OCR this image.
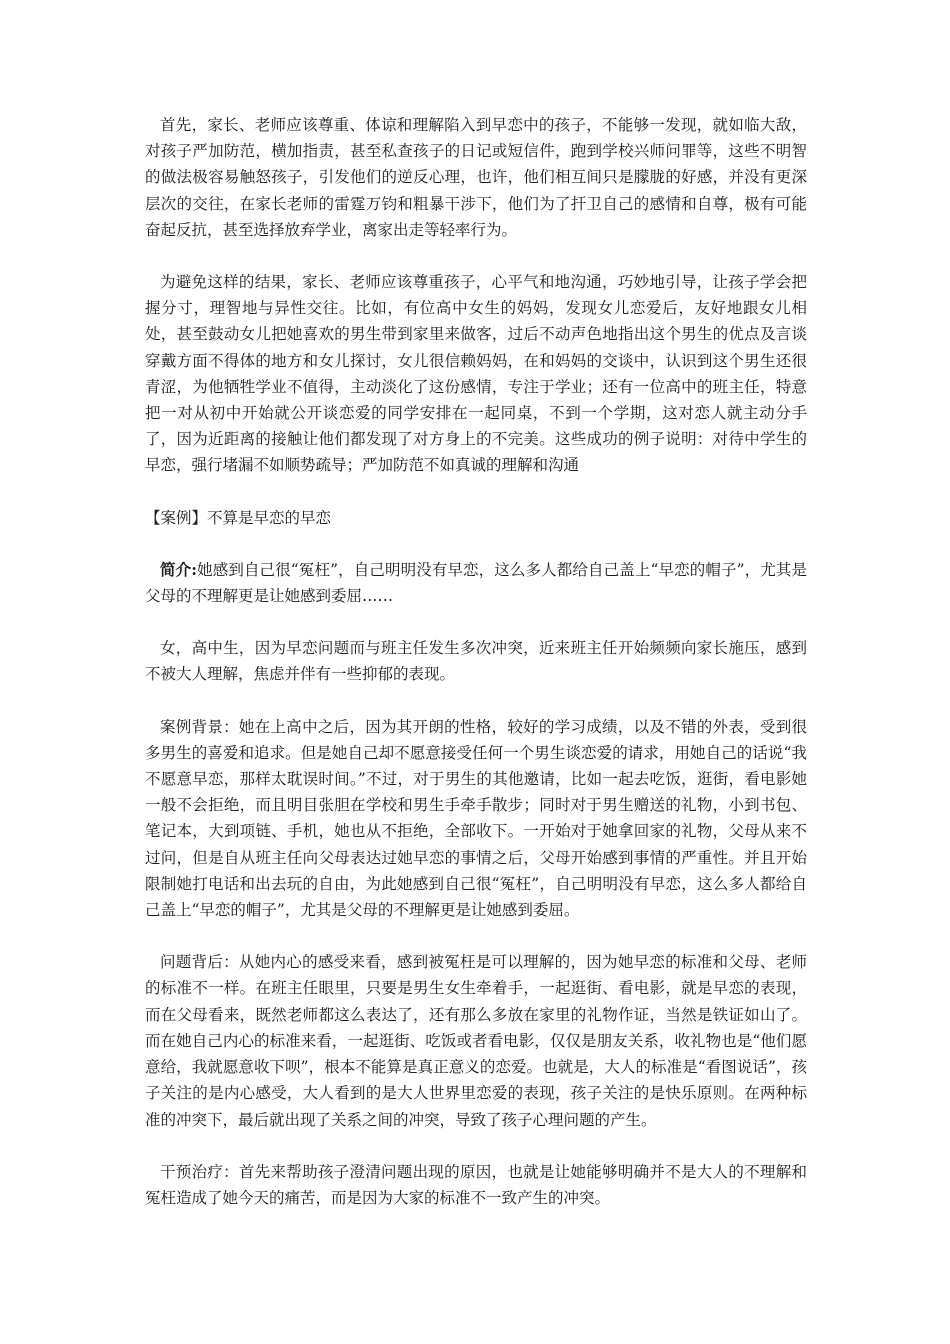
首先，家长、老师应该尊重、体谅和理解陷入到早恋中的孩子，不能够一发现，就如临大敌，对孩子严加防范，横加指责，甚至私查孩子的日记或短信件，跑到学校兴师问罪等，这些不明智的做法极容易触怒孩子，引发他们的逆反心理，也许，他们相互间只是朦胧的好感，并没有更深层次的交往，在家长老师的雷霆万钧和粗暴干涉下，他们为了扞卫自己的感情和自尊，极有可能奋起反抗，甚至选择放弃学业，离家出走等轻率行为。

为避免这样的结果，家长、老师应该尊重孩子，心平气和地沟通，巧妙地引导，让孩子学会把握分寸，理智地与异性交往。比如，有位高中女生的妈妈，发现女儿恋爱后，友好地跟女儿相处，甚至鼓动女儿把她喜欢的男生带到家里来做客，过后不动声色地指出这个男生的优点及言谈穿戴方面不得体的地方和女儿探讨，女儿很信赖妈妈，在和妈妈的交谈中，认识到这个男生还很青涩，为他牺牲学业不值得，主动淡化了这份感情，专注于学业；还有一位高中的班主任，特意把一对从初中开始就公开谈恋爱的同学安排在一起同桌，不到一个学期，这对恋人就主动分手了，因为近距离的接触让他们都发现了对方身上的不完美。这些成功的例子说明：对待中学生的早恋，强行堵漏不如顺势疏导；严加防范不如真诚的理解和沟通

【案例】不算是早恋的早恋

简介:她感到自己很“冤枉”，自己明明没有早恋，这么多人都给自己盖上“早恋的帽子”，尤其是父母的不理解更是让她感到委屈……

女，高中生，因为早恋问题而与班主任发生多次冲突，近来班主任开始频频向家长施压，感到不被大人理解，焦虑并伴有一些抑郁的表现。

案例背景：她在上高中之后，因为其开朗的性格，较好的学习成绩，以及不错的外表，受到很多男生的喜爱和追求。但是她自己却不愿意接受任何一个男生谈恋爱的请求，用她自己的话说“我不愿意早恋，那样太耽误时间。”不过，对于男生的其他邀请，比如一起去吃饭，逛街，看电影她一般不会拒绝，而且明目张胆在学校和男生手牵手散步；同时对于男生赠送的礼物，小到书包、笔记本，大到项链、手机，她也从不拒绝，全部收下。一开始对于她拿回家的礼物，父母从来不过问，但是自从班主任向父母表达过她早恋的事情之后，父母开始感到事情的严重性。并且开始限制她打电话和出去玩的自由，为此她感到自己很“冤枉”，自己明明没有早恋，这么多人都给自己盖上“早恋的帽子”，尤其是父母的不理解更是让她感到委屈。

问题背后：从她内心的感受来看，感到被冤枉是可以理解的，因为她早恋的标准和父母、老师的标准不一样。在班主任眼里，只要是男生女生牵着手，一起逛街、看电影，就是早恋的表现，而在父母看来，既然老师都这么表达了，还有那么多放在家里的礼物作证，当然是铁证如山了。而在她自己内心的标准来看，一起逛街、吃饭或者看电影，仅仅是朋友关系，收礼物也是“他们愿意给，我就愿意收下呗”，根本不能算是真正意义的恋爱。也就是，大人的标准是“看图说话”，孩子关注的是内心感受，大人看到的是大人世界里恋爱的表现，孩子关注的是快乐原则。在两种标准的冲突下，最后就出现了关系之间的冲突，导致了孩子心理问题的产生。

干预治疗：首先来帮助孩子澄清问题出现的原因，也就是让她能够明确并不是大人的不理解和冤枉造成了她今天的痛苦，而是因为大家的标准不一致产生的冲突。
